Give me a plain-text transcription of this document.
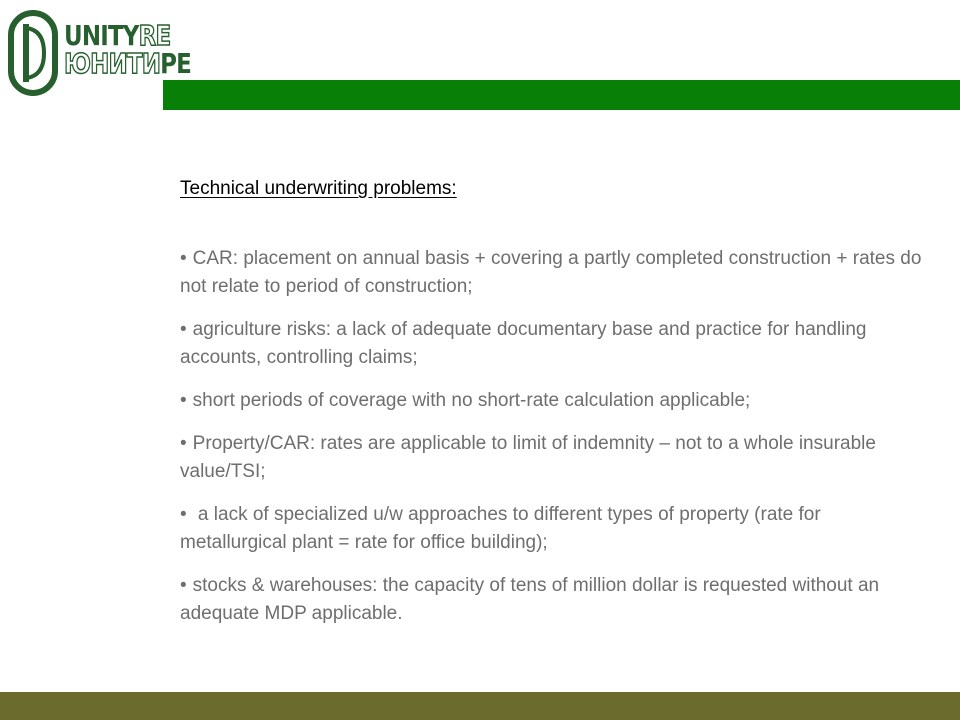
UNITYRE
ЮНИТИРЕ
Technical underwriting problems:
• CAR: placement on annual basis + covering a partly completed construction + rates do not relate to period of construction;
• agriculture risks: a lack of adequate documentary base and practice for handling accounts, controlling claims;
• short periods of coverage with no short-rate calculation applicable;
• Property/CAR: rates are applicable to limit of indemnity – not to a whole insurable value/TSI;
• a lack of specialized u/w approaches to different types of property (rate for metallurgical plant = rate for office building);
• stocks & warehouses: the capacity of tens of million dollar is requested without an adequate MDP applicable.
